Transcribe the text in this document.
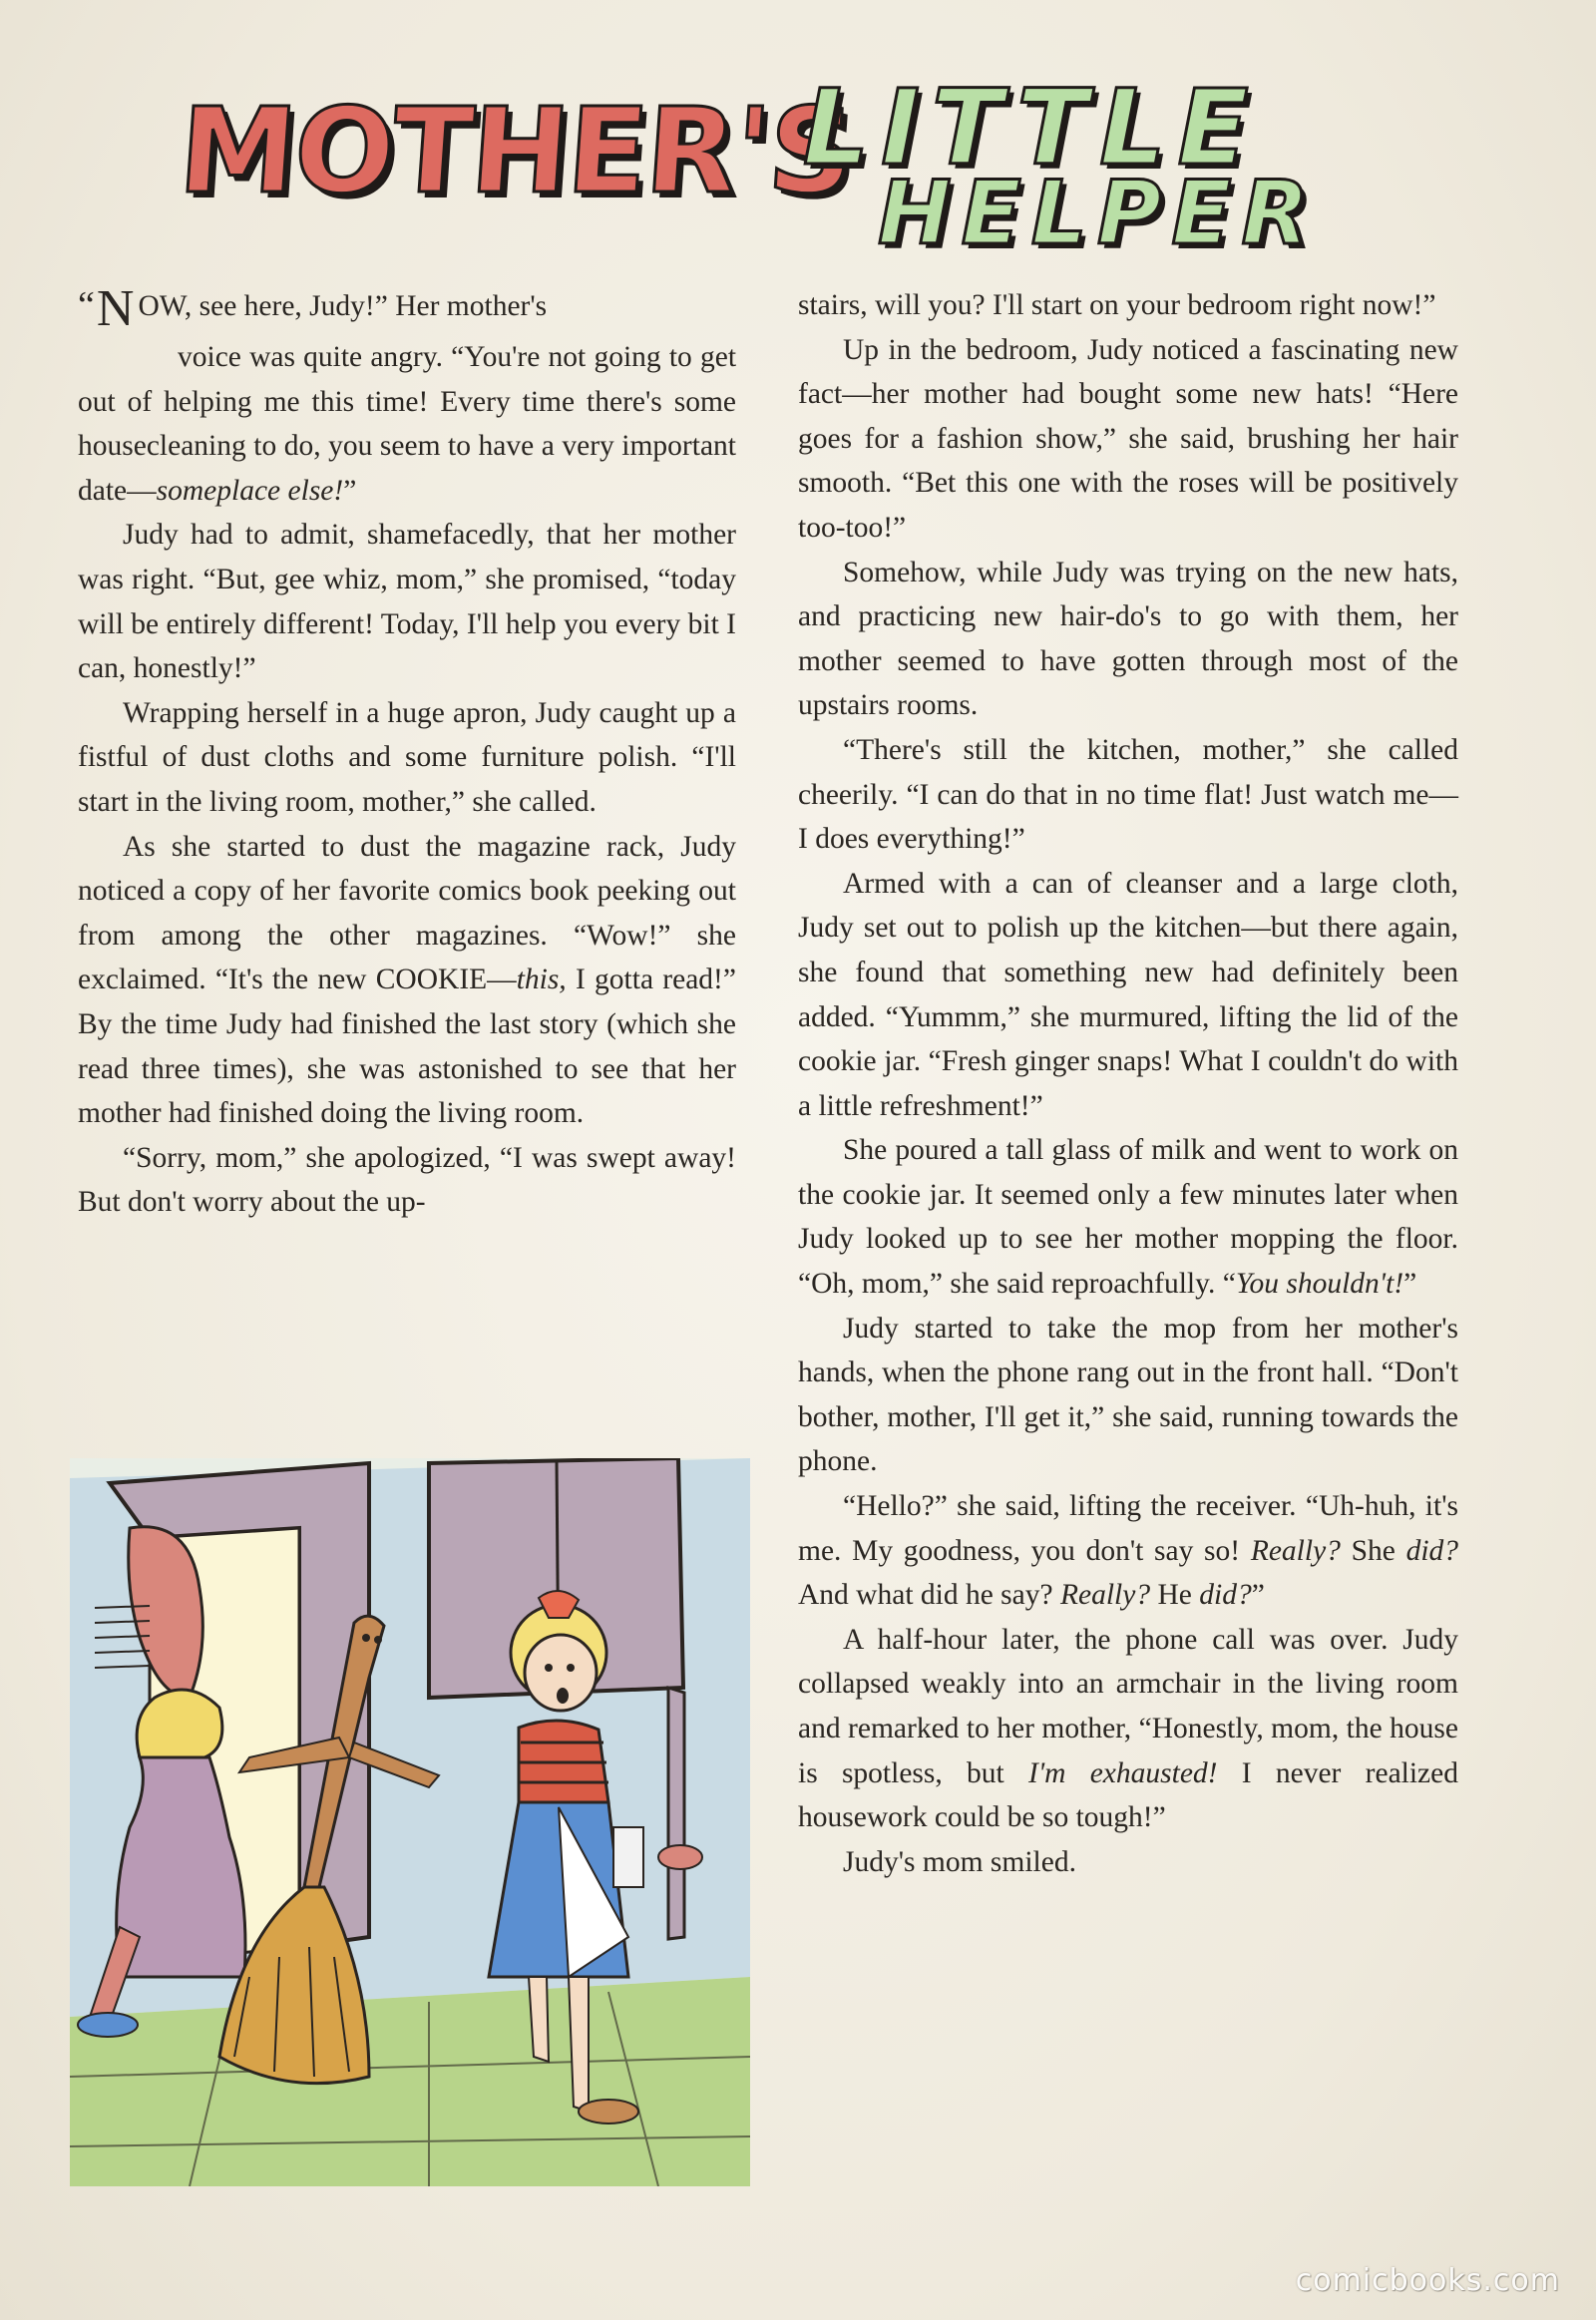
MOTHER'S
LITTLE
HELPER

“N OW, see here, Judy!” Her mother's
voice was quite angry. “You're not going to get out of helping me this time! Every time there's some housecleaning to do, you seem to have a very important date—someplace else!”

Judy had to admit, shamefacedly, that her mother was right. “But, gee whiz, mom,” she promised, “today will be entirely different! Today, I'll help you every bit I can, honestly!”

Wrapping herself in a huge apron, Judy caught up a fistful of dust cloths and some furniture polish. “I'll start in the living room, mother,” she called.

As she started to dust the magazine rack, Judy noticed a copy of her favorite comics book peeking out from among the other magazines. “Wow!” she exclaimed. “It's the new COOKIE—this, I gotta read!” By the time Judy had finished the last story (which she read three times), she was astonished to see that her mother had finished doing the living room.

“Sorry, mom,” she apologized, “I was swept away! But don't worry about the up-

stairs, will you? I'll start on your bedroom right now!”

Up in the bedroom, Judy noticed a fascinating new fact—her mother had bought some new hats! “Here goes for a fashion show,” she said, brushing her hair smooth. “Bet this one with the roses will be positively too-too!”

Somehow, while Judy was trying on the new hats, and practicing new hair-do's to go with them, her mother seemed to have gotten through most of the upstairs rooms.

“There's still the kitchen, mother,” she called cheerily. “I can do that in no time flat! Just watch me—I does everything!”

Armed with a can of cleanser and a large cloth, Judy set out to polish up the kitchen—but there again, she found that something new had definitely been added. “Yummm,” she murmured, lifting the lid of the cookie jar. “Fresh ginger snaps! What I couldn't do with a little refreshment!”

She poured a tall glass of milk and went to work on the cookie jar. It seemed only a few minutes later when Judy looked up to see her mother mopping the floor. “Oh, mom,” she said reproachfully. “You shouldn't!”

Judy started to take the mop from her mother's hands, when the phone rang out in the front hall. “Don't bother, mother, I'll get it,” she said, running towards the phone.

“Hello?” she said, lifting the receiver. “Uh-huh, it's me. My goodness, you don't say so! Really? She did? And what did he say? Really? He did?”

A half-hour later, the phone call was over. Judy collapsed weakly into an armchair in the living room and remarked to her mother, “Honestly, mom, the house is spotless, but I'm exhausted! I never realized housework could be so tough!”

Judy's mom smiled.

comicbooks.com
